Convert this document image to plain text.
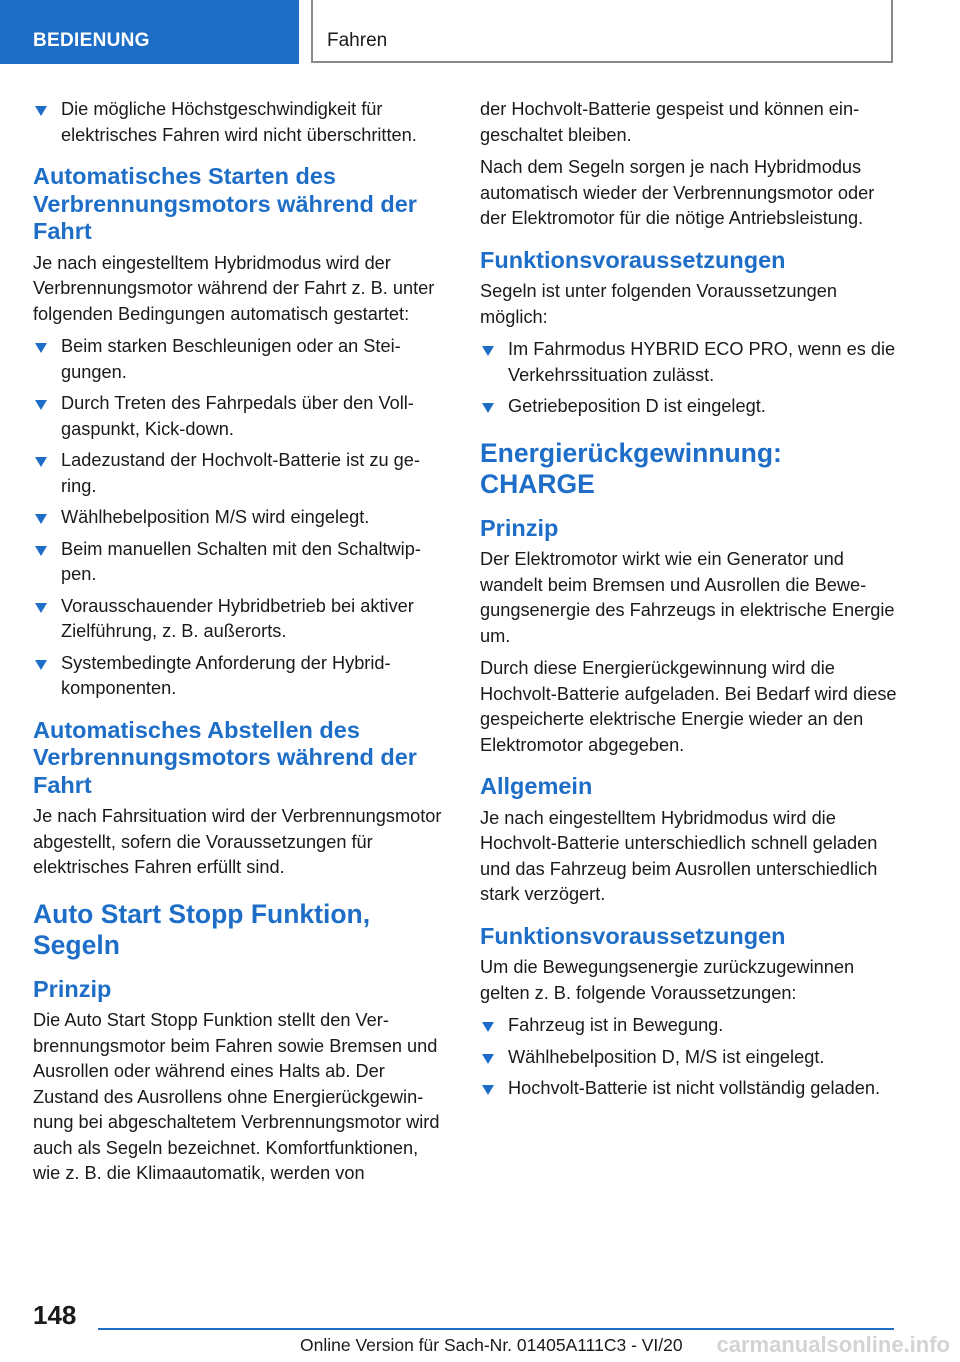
BEDIENUNG	Fahren
Die mögliche Höchstgeschwindigkeit für elektrisches Fahren wird nicht überschritten.
Automatisches Starten des Verbrennungsmotors während der Fahrt

Je nach eingestelltem Hybridmodus wird der Verbrennungsmotor während der Fahrt z. B. unter folgenden Bedingungen automatisch gestartet:

Beim starken Beschleunigen oder an Steigungen.
Durch Treten des Fahrpedals über den Vollgaspunkt, Kick-down.
Ladezustand der Hochvolt-Batterie ist zu gering.
Wählhebelposition M/S wird eingelegt.
Beim manuellen Schalten mit den Schaltwippen.
Vorausschauender Hybridbetrieb bei aktiver Zielführung, z. B. außerorts.
Systembedingte Anforderung der Hybridkomponenten.
Automatisches Abstellen des Verbrennungsmotors während der Fahrt

Je nach Fahrsituation wird der Verbrennungsmotor abgestellt, sofern die Voraussetzungen für elektrisches Fahren erfüllt sind.

Auto Start Stopp Funktion, Segeln
Prinzip

Die Auto Start Stopp Funktion stellt den Verbrennungsmotor beim Fahren sowie Bremsen und Ausrollen oder während eines Halts ab. Der Zustand des Ausrollens ohne Energierückgewinnung bei abgeschaltetem Verbrennungsmotor wird auch als Segeln bezeichnet. Komfortfunktionen, wie z. B. die Klimaautomatik, werden von

der Hochvolt-Batterie gespeist und können eingeschaltet bleiben.

Nach dem Segeln sorgen je nach Hybridmodus automatisch wieder der Verbrennungsmotor oder der Elektromotor für die nötige Antriebsleistung.

Funktionsvoraussetzungen

Segeln ist unter folgenden Voraussetzungen möglich:

Im Fahrmodus HYBRID ECO PRO, wenn es die Verkehrssituation zulässt.
Getriebeposition D ist eingelegt.
Energierückgewinnung: CHARGE
Prinzip

Der Elektromotor wirkt wie ein Generator und wandelt beim Bremsen und Ausrollen die Bewegungsenergie des Fahrzeugs in elektrische Energie um.

Durch diese Energierückgewinnung wird die Hochvolt-Batterie aufgeladen. Bei Bedarf wird diese gespeicherte elektrische Energie wieder an den Elektromotor abgegeben.

Allgemein

Je nach eingestelltem Hybridmodus wird die Hochvolt-Batterie unterschiedlich schnell geladen und das Fahrzeug beim Ausrollen unterschiedlich stark verzögert.

Funktionsvoraussetzungen

Um die Bewegungsenergie zurückzugewinnen gelten z. B. folgende Voraussetzungen:

Fahrzeug ist in Bewegung.
Wählhebelposition D, M/S ist eingelegt.
Hochvolt-Batterie ist nicht vollständig geladen.
148
Online Version für Sach-Nr. 01405A111C3 - VI/20 carmanualsonline.info
